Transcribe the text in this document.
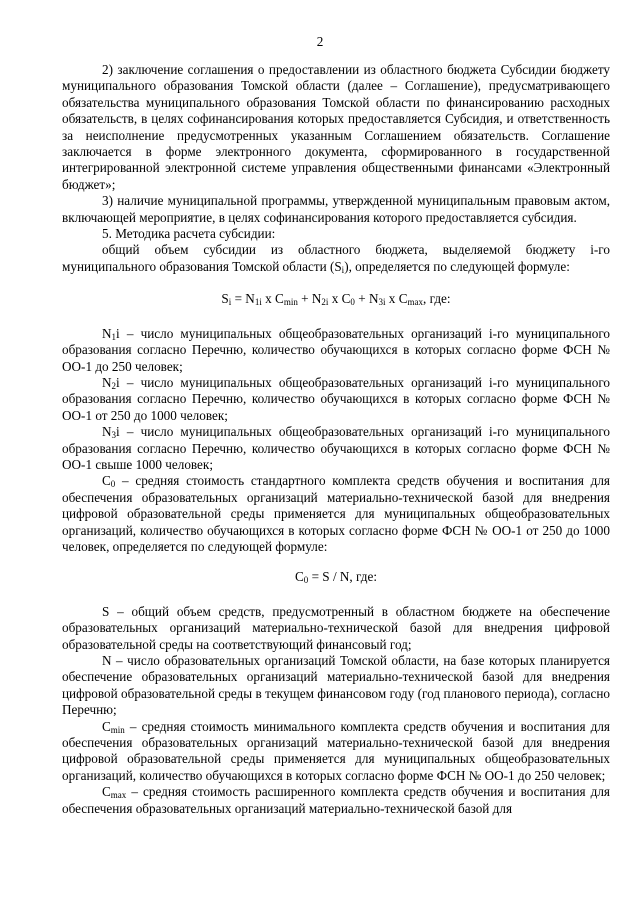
2

2) заключение соглашения о предоставлении из областного бюджета Субсидии бюджету муниципального образования Томской области (далее – Соглашение), предусматривающего обязательства муниципального образования Томской области по финансированию расходных обязательств, в целях софинансирования которых предоставляется Субсидия, и ответственность за неисполнение предусмотренных указанным Соглашением обязательств. Соглашение заключается в форме электронного документа, сформированного в государственной интегрированной электронной системе управления общественными финансами «Электронный бюджет»;

3) наличие муниципальной программы, утвержденной муниципальным правовым актом, включающей мероприятие, в целях софинансирования которого предоставляется субсидия.

5. Методика расчета субсидии:

общий объем субсидии из областного бюджета, выделяемой бюджету i-го муниципального образования Томской области $(S_i)$, определяется по следующей формуле:

$S_i = N_{1i}$ x $C_{min} + N_{2i}$ x $C_0 + N_{3i}$ x $C_{max}$, где:

$N_1i$ – число муниципальных общеобразовательных организаций i-го муниципального образования согласно Перечню, количество обучающихся в которых согласно форме ФСН № ОО-1 до 250 человек;

$N_2i$ – число муниципальных общеобразовательных организаций i-го муниципального образования согласно Перечню, количество обучающихся в которых согласно форме ФСН № ОО-1 от 250 до 1000 человек;

$N_3i$ – число муниципальных общеобразовательных организаций i-го муниципального образования согласно Перечню, количество обучающихся в которых согласно форме ФСН № ОО-1 свыше 1000 человек;

$C_0$ – средняя стоимость стандартного комплекта средств обучения и воспитания для обеспечения образовательных организаций материально-технической базой для внедрения цифровой образовательной среды применяется для муниципальных общеобразовательных организаций, количество обучающихся в которых согласно форме ФСН № ОО-1 от 250 до 1000 человек, определяется по следующей формуле:

$C_0 = S / N$, где:

S – общий объем средств, предусмотренный в областном бюджете на обеспечение образовательных организаций материально-технической базой для внедрения цифровой образовательной среды на соответствующий финансовый год;

N – число образовательных организаций Томской области, на базе которых планируется обеспечение образовательных организаций материально-технической базой для внедрения цифровой образовательной среды в текущем финансовом году (год планового периода), согласно Перечню;

$C_{min}$ – средняя стоимость минимального комплекта средств обучения и воспитания для обеспечения образовательных организаций материально-технической базой для внедрения цифровой образовательной среды применяется для муниципальных общеобразовательных организаций, количество обучающихся в которых согласно форме ФСН № ОО-1 до 250 человек;

$C_{max}$ – средняя стоимость расширенного комплекта средств обучения и воспитания для обеспечения образовательных организаций материально-технической базой для
